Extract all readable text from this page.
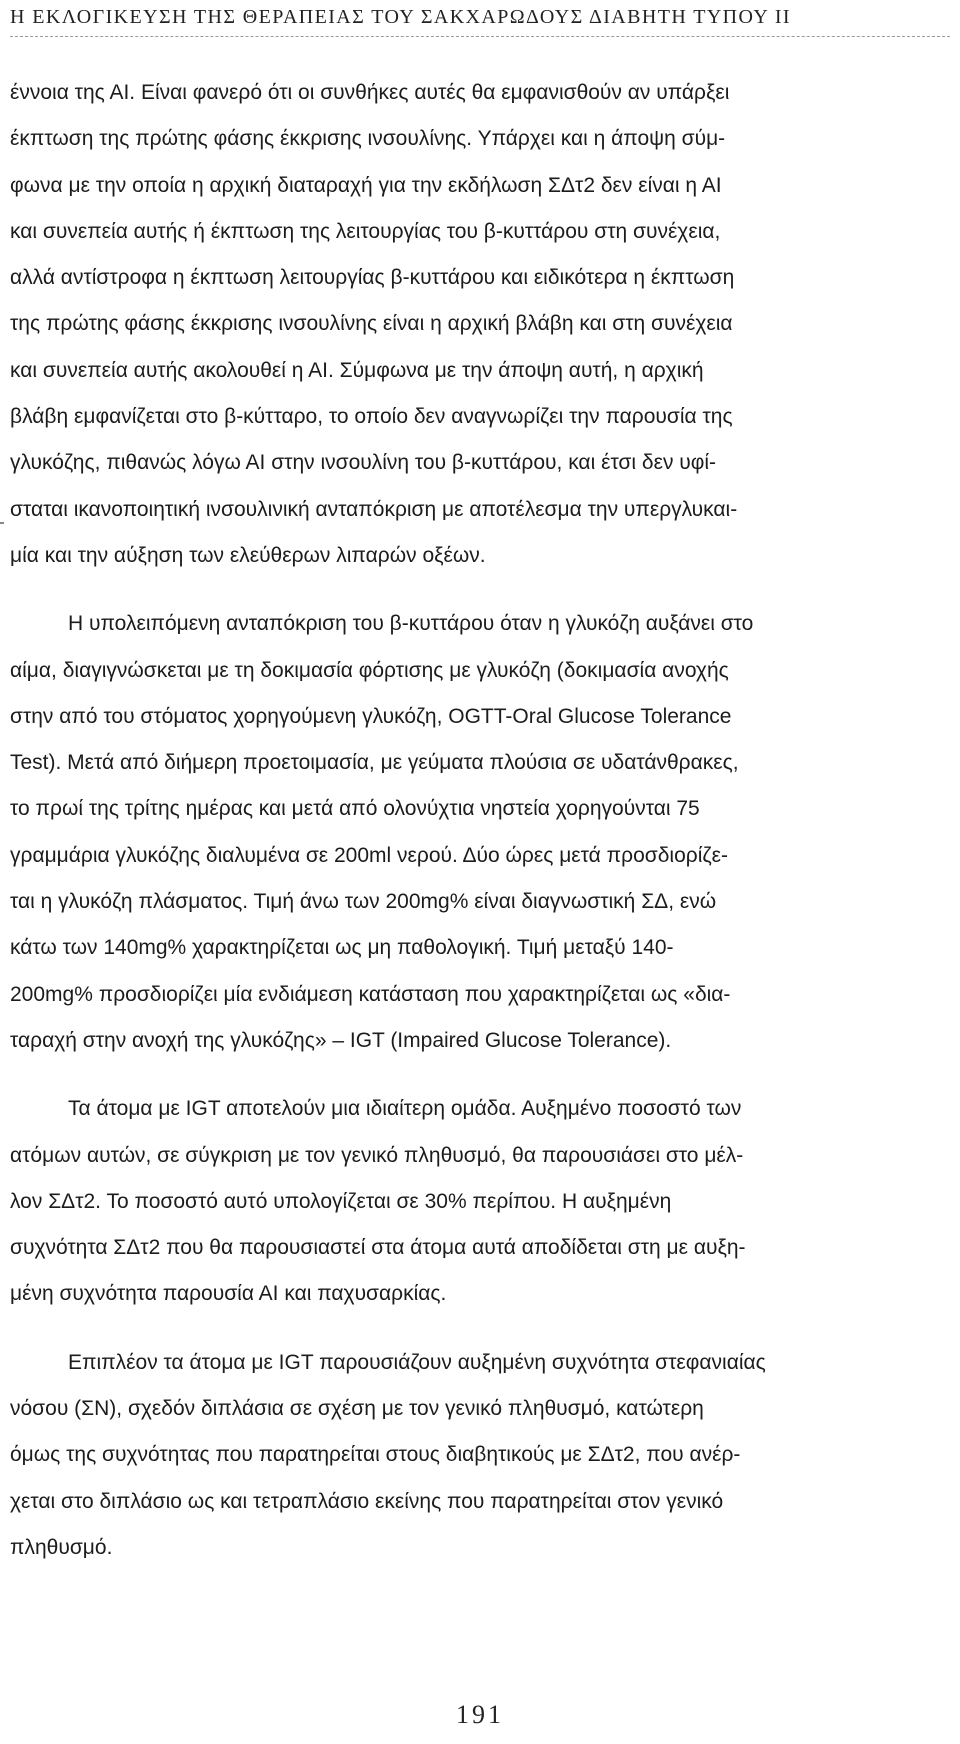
Η ΕΚΛΟΓΙΚΕΥΣΗ ΤΗΣ ΘΕΡΑΠΕΙΑΣ ΤΟΥ ΣΑΚΧΑΡΩΔΟΥΣ ΔΙΑΒΗΤΗ ΤΥΠΟΥ ΙΙ
έννοια της ΑΙ. Είναι φανερό ότι οι συνθήκες αυτές θα εμφανισθούν αν υπάρξει
έκπτωση της πρώτης φάσης έκκρισης ινσουλίνης. Υπάρχει και η άποψη σύμ-
φωνα με την οποία η αρχική διαταραχή για την εκδήλωση ΣΔτ2 δεν είναι η ΑΙ
και συνεπεία αυτής ή έκπτωση της λειτουργίας του β-κυττάρου στη συνέχεια,
αλλά αντίστροφα η έκπτωση λειτουργίας β-κυττάρου και ειδικότερα η έκπτωση
της πρώτης φάσης έκκρισης ινσουλίνης είναι η αρχική βλάβη και στη συνέχεια
και συνεπεία αυτής ακολουθεί η ΑΙ. Σύμφωνα με την άποψη αυτή, η αρχική
βλάβη εμφανίζεται στο β-κύτταρο, το οποίο δεν αναγνωρίζει την παρουσία της
γλυκόζης, πιθανώς λόγω ΑΙ στην ινσουλίνη του β-κυττάρου, και έτσι δεν υφί-
σταται ικανοποιητική ινσουλινική ανταπόκριση με αποτέλεσμα την υπεργλυκαι-
μία και την αύξηση των ελεύθερων λιπαρών οξέων.
Η υπολειπόμενη ανταπόκριση του β-κυττάρου όταν η γλυκόζη αυξάνει στο
αίμα, διαγιγνώσκεται με τη δοκιμασία φόρτισης με γλυκόζη (δοκιμασία ανοχής
στην από του στόματος χορηγούμενη γλυκόζη, OGTT-Oral Glucose Tolerance
Test). Μετά από διήμερη προετοιμασία, με γεύματα πλούσια σε υδατάνθρακες,
το πρωί της τρίτης ημέρας και μετά από ολονύχτια νηστεία χορηγούνται 75
γραμμάρια γλυκόζης διαλυμένα σε 200ml νερού. Δύο ώρες μετά προσδιορίζε-
ται η γλυκόζη πλάσματος. Τιμή άνω των 200mg% είναι διαγνωστική ΣΔ, ενώ
κάτω των 140mg% χαρακτηρίζεται ως μη παθολογική. Τιμή μεταξύ 140-
200mg% προσδιορίζει μία ενδιάμεση κατάσταση που χαρακτηρίζεται ως «δια-
ταραχή στην ανοχή της γλυκόζης» – IGT (Impaired Glucose Tolerance).
Τα άτομα με IGT αποτελούν μια ιδιαίτερη ομάδα. Αυξημένο ποσοστό των
ατόμων αυτών, σε σύγκριση με τον γενικό πληθυσμό, θα παρουσιάσει στο μέλ-
λον ΣΔτ2. Το ποσοστό αυτό υπολογίζεται σε 30% περίπου. Η αυξημένη
συχνότητα ΣΔτ2 που θα παρουσιαστεί στα άτομα αυτά αποδίδεται στη με αυξη-
μένη συχνότητα παρουσία ΑΙ και παχυσαρκίας.
Επιπλέον τα άτομα με IGT παρουσιάζουν αυξημένη συχνότητα στεφανιαίας
νόσου (ΣΝ), σχεδόν διπλάσια σε σχέση με τον γενικό πληθυσμό, κατώτερη
όμως της συχνότητας που παρατηρείται στους διαβητικούς με ΣΔτ2, που ανέρ-
χεται στο διπλάσιο ως και τετραπλάσιο εκείνης που παρατηρείται στον γενικό
πληθυσμό.
191
